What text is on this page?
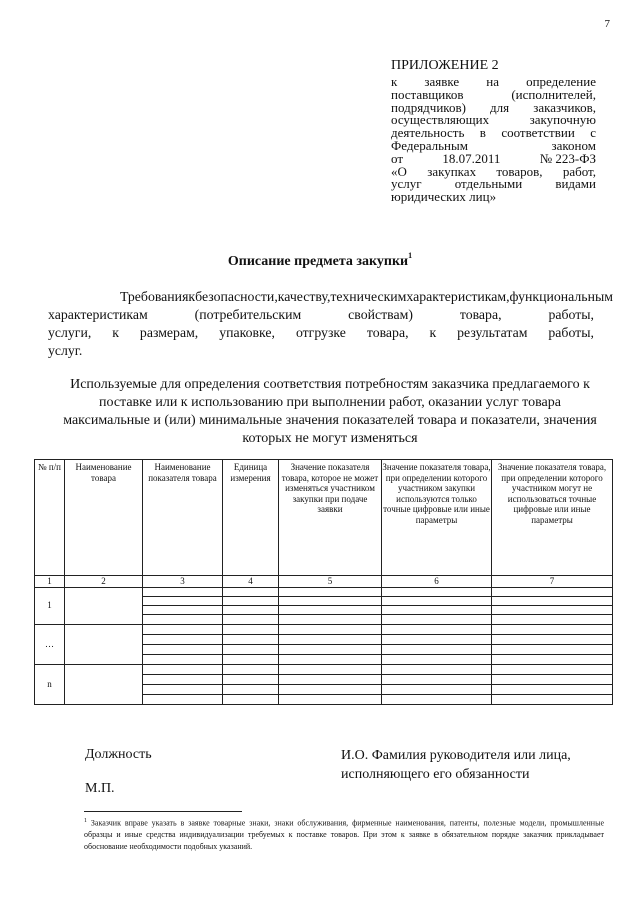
7
ПРИЛОЖЕНИЕ 2
к заявке на определение
поставщиков	(исполнителей,
подрядчиков) для заказчиков,
осуществляющих	закупочную
деятельность в соответствии с
Федеральным	законом
от	18.07.2011	№ 223-ФЗ
«О закупках товаров, работ,
услуг	отдельными	видами
юридических лиц»
Описание предмета закупки$^1$
Требования к безопасности, качеству, техническим характеристикам, функциональным
характеристикам	(потребительским	свойствам)	товара,	работы,
услуги, к размерам, упаковке, отгрузке товара, к результатам работы,
услуг.
Используемые для определения соответствия потребностям заказчика предлагаемого к поставке или к использованию при выполнении работ, оказании услуг товара максимальные и (или) минимальные значения показателей товара и показатели, значения которых не могут изменяться
№ п/п	Наименование товара	Наименование показателя товара	Единица измерения	Значение показателя товара, которое не может изменяться участником закупки при подаче заявки	Значение показателя товара, при определении которого участником закупки используются только точные цифровые или иные параметры	Значение показателя товара, при определении которого участником могут не использоваться точные цифровые или иные параметры
1	2	3	4	5	6	7
1		

…		

n		

Должность	И.О. Фамилия руководителя или лица,
исполняющего его обязанности
М.П.
$^1$ Заказчик вправе указать в заявке товарные знаки, знаки обслуживания, фирменные наименования, патенты, полезные модели, промышленные образцы и иные средства индивидуализации требуемых к поставке товаров. При этом к заявке в обязательном порядке заказчик прикладывает обоснование необходимости подобных указаний.
